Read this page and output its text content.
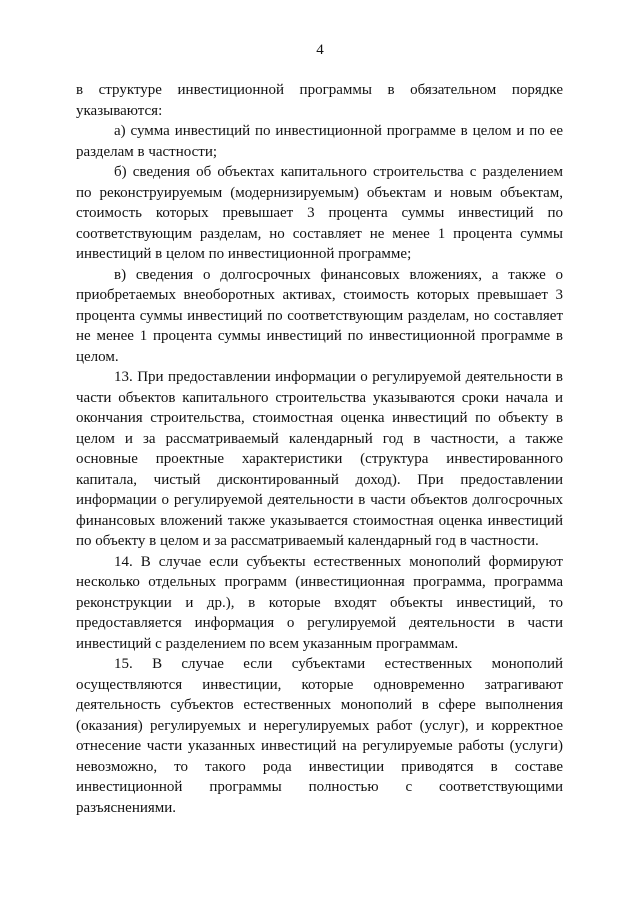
4

в структуре инвестиционной программы в обязательном порядке указываются:

а) сумма инвестиций по инвестиционной программе в целом и по ее разделам в частности;

б) сведения об объектах капитального строительства с разделением по реконструируемым (модернизируемым) объектам и новым объектам, стоимость которых превышает 3 процента суммы инвестиций по соответствующим разделам, но составляет не менее 1 процента суммы инвестиций в целом по инвестиционной программе;

в) сведения о долгосрочных финансовых вложениях, а также о приобретаемых внеоборотных активах, стоимость которых превышает 3 процента суммы инвестиций по соответствующим разделам, но составляет не менее 1 процента суммы инвестиций по инвестиционной программе в целом.

13. При предоставлении информации о регулируемой деятельности в части объектов капитального строительства указываются сроки начала и окончания строительства, стоимостная оценка инвестиций по объекту в целом и за рассматриваемый календарный год в частности, а также основные проектные характеристики (структура инвестированного капитала, чистый дисконтированный доход). При предоставлении информации о регулируемой деятельности в части объектов долгосрочных финансовых вложений также указывается стоимостная оценка инвестиций по объекту в целом и за рассматриваемый календарный год в частности.

14. В случае если субъекты естественных монополий формируют несколько отдельных программ (инвестиционная программа, программа реконструкции и др.), в которые входят объекты инвестиций, то предоставляется информация о регулируемой деятельности в части инвестиций с разделением по всем указанным программам.

15. В случае если субъектами естественных монополий осуществляются инвестиции, которые одновременно затрагивают деятельность субъектов естественных монополий в сфере выполнения (оказания) регулируемых и нерегулируемых работ (услуг), и корректное отнесение части указанных инвестиций на регулируемые работы (услуги) невозможно, то такого рода инвестиции приводятся в составе инвестиционной программы полностью с соответствующими разъяснениями.
